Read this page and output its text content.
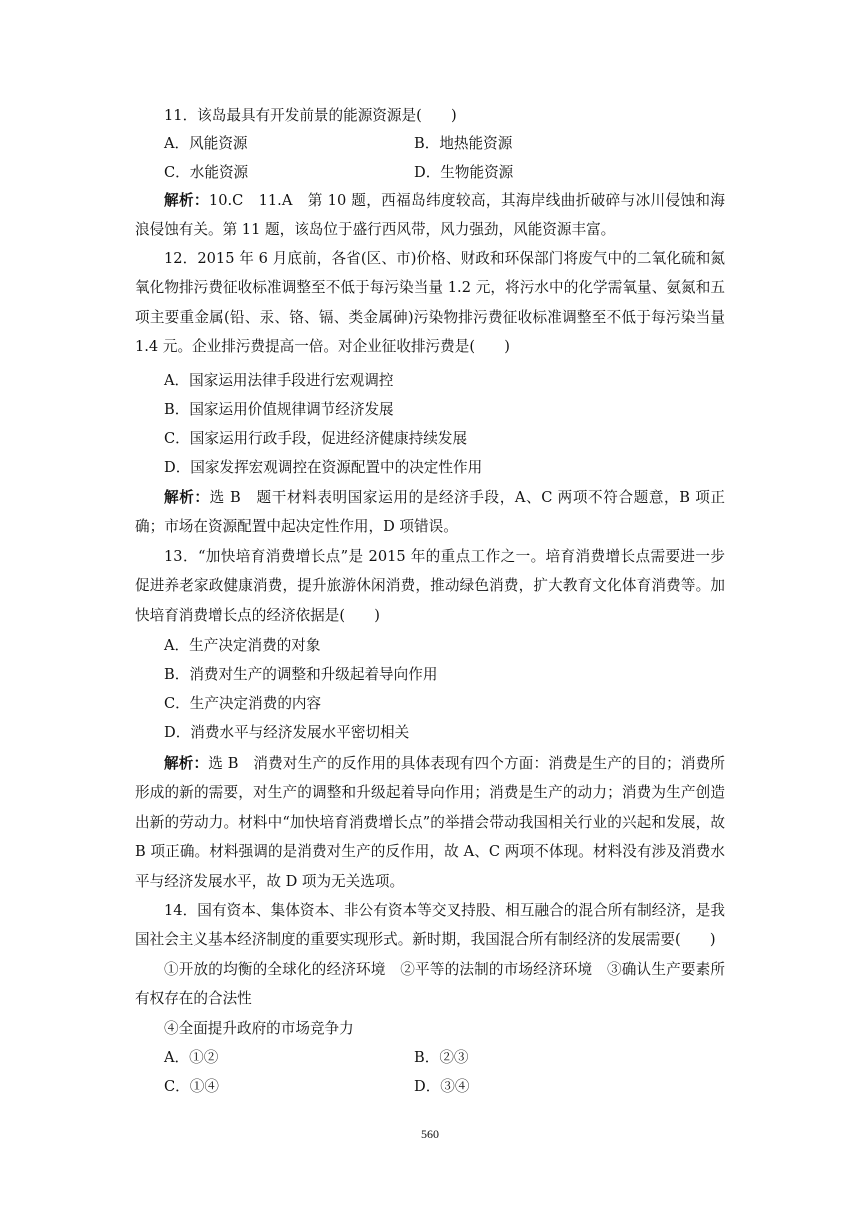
11．该岛最具有开发前景的能源资源是(　　)
A．风能资源	B．地热能资源
C．水能资源	D．生物能资源
解析：10.C　11.A　第 10 题，西福岛纬度较高，其海岸线曲折破碎与冰川侵蚀和海浪侵蚀有关。第 11 题，该岛位于盛行西风带，风力强劲，风能资源丰富。
12．2015 年 6 月底前，各省(区、市)价格、财政和环保部门将废气中的二氧化硫和氮氧化物排污费征收标准调整至不低于每污染当量 1.2 元，将污水中的化学需氧量、氨氮和五项主要重金属(铅、汞、铬、镉、类金属砷)污染物排污费征收标准调整至不低于每污染当量 1.4 元。企业排污费提高一倍。对企业征收排污费是(　　)
A．国家运用法律手段进行宏观调控
B．国家运用价值规律调节经济发展
C．国家运用行政手段，促进经济健康持续发展
D．国家发挥宏观调控在资源配置中的决定性作用
解析：选 B　题干材料表明国家运用的是经济手段，A、C 两项不符合题意，B 项正确；市场在资源配置中起决定性作用，D 项错误。
13．“加快培育消费增长点”是 2015 年的重点工作之一。培育消费增长点需要进一步促进养老家政健康消费，提升旅游休闲消费，推动绿色消费，扩大教育文化体育消费等。加快培育消费增长点的经济依据是(　　)
A．生产决定消费的对象
B．消费对生产的调整和升级起着导向作用
C．生产决定消费的内容
D．消费水平与经济发展水平密切相关
解析：选 B　消费对生产的反作用的具体表现有四个方面：消费是生产的目的；消费所形成的新的需要，对生产的调整和升级起着导向作用；消费是生产的动力；消费为生产创造出新的劳动力。材料中“加快培育消费增长点”的举措会带动我国相关行业的兴起和发展，故 B 项正确。材料强调的是消费对生产的反作用，故 A、C 两项不体现。材料没有涉及消费水平与经济发展水平，故 D 项为无关选项。
14．国有资本、集体资本、非公有资本等交叉持股、相互融合的混合所有制经济，是我国社会主义基本经济制度的重要实现形式。新时期，我国混合所有制经济的发展需要(　　)
①开放的均衡的全球化的经济环境　②平等的法制的市场经济环境　③确认生产要素所有权存在的合法性
④全面提升政府的市场竞争力
A．①②	B．②③
C．①④	D．③④
560
